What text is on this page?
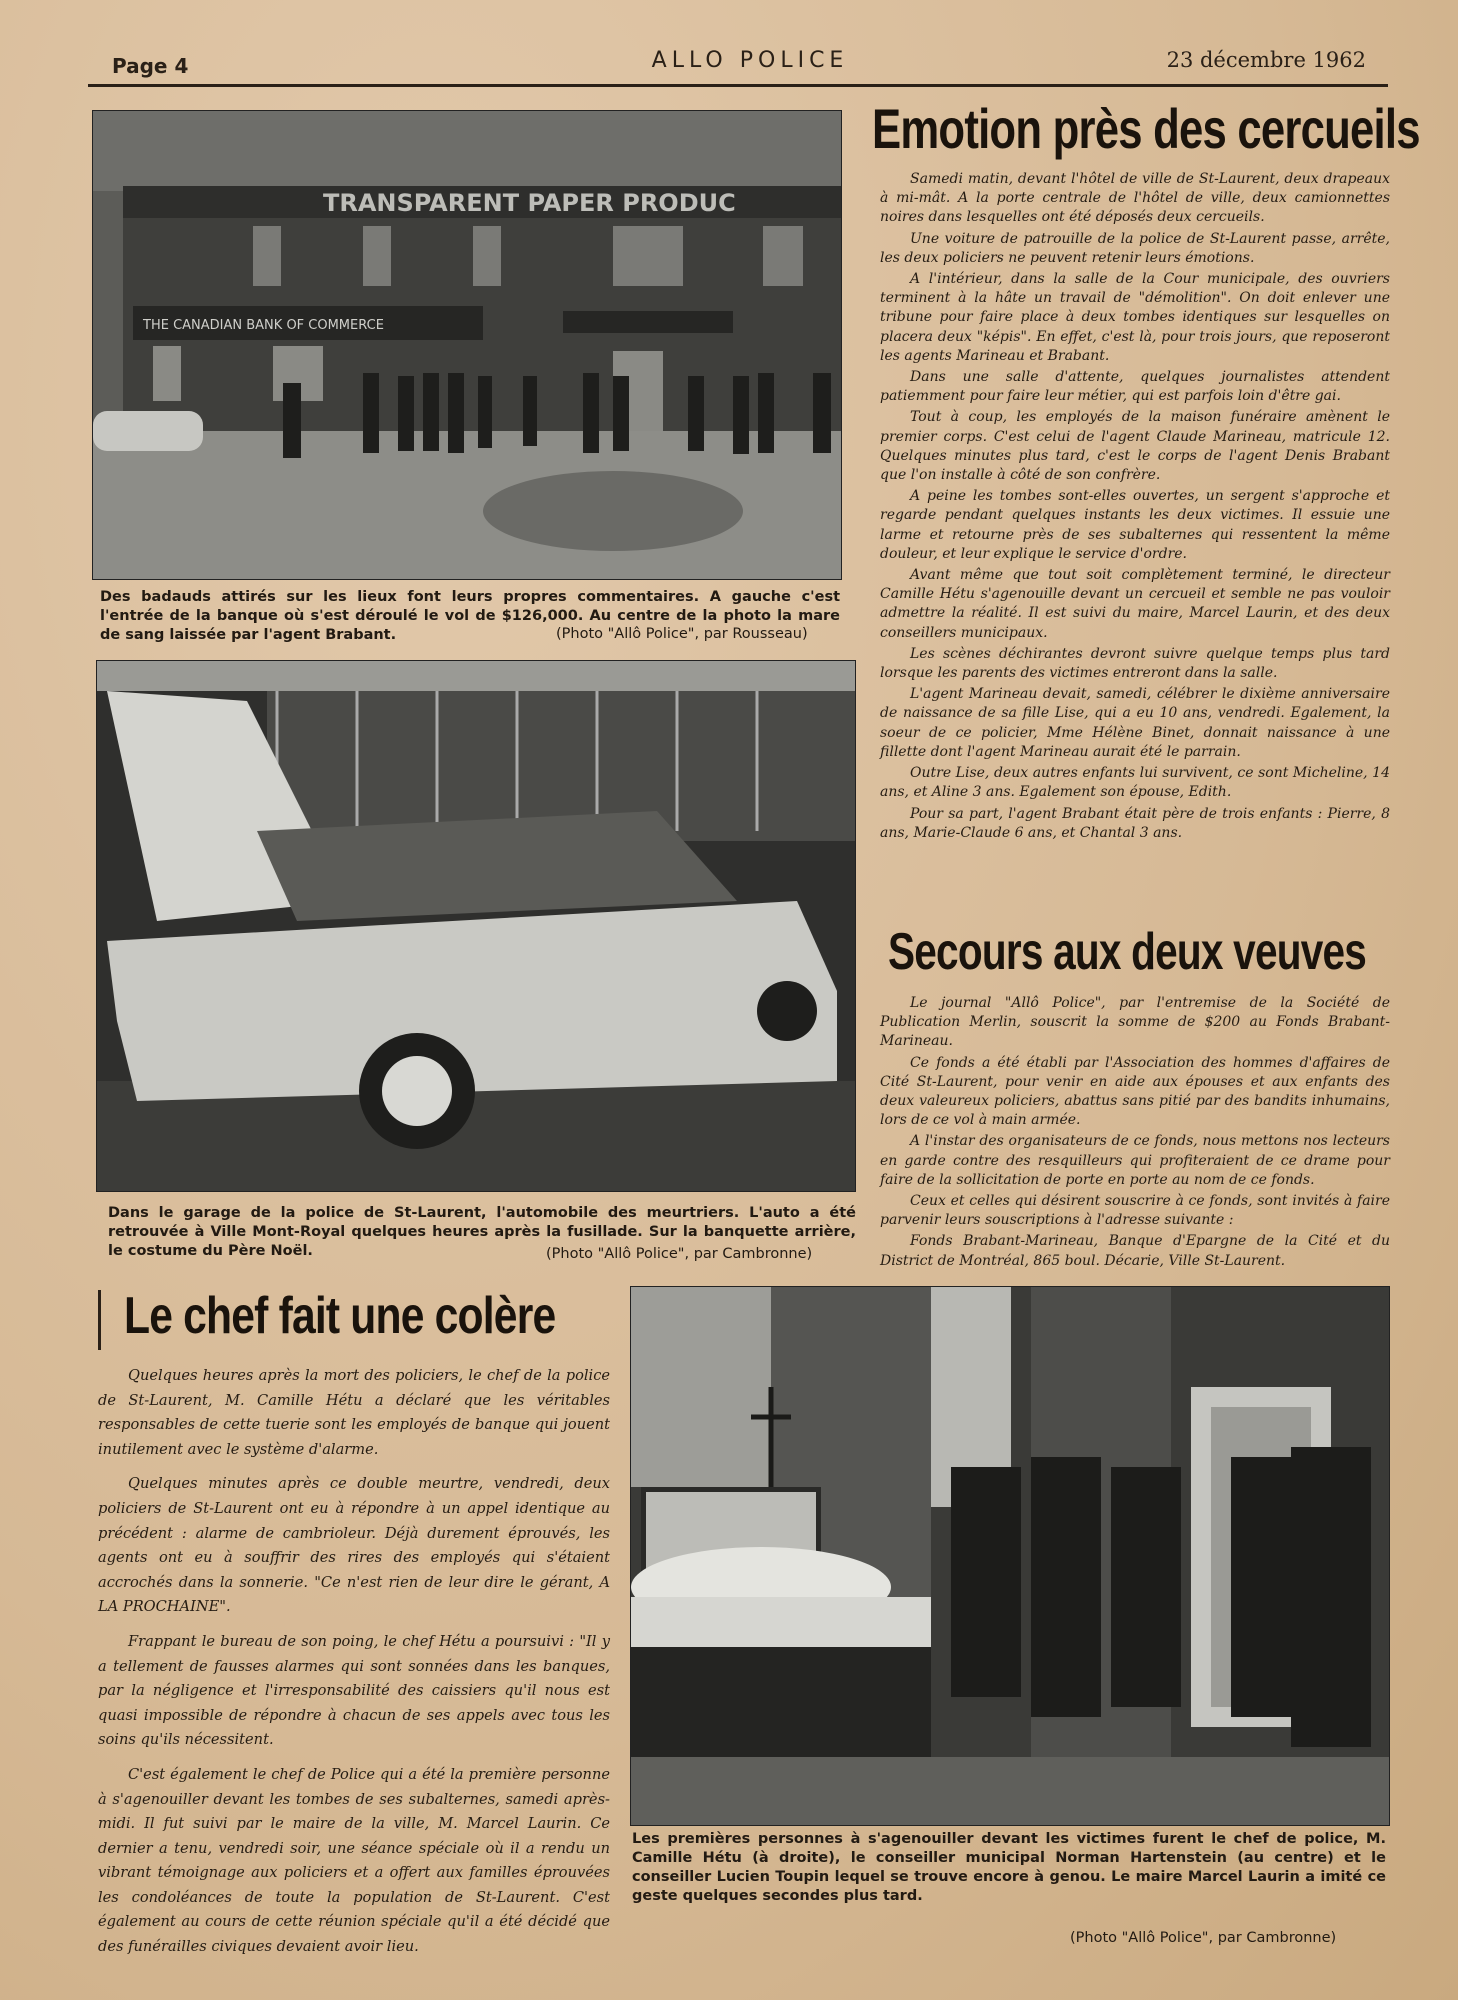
Page 4	ALLO POLICE	23 décembre 1962
TRANSPARENT PAPER PRODUC
THE CANADIAN BANK OF COMMERCE
Des badauds attirés sur les lieux font leurs propres commentaires. A gauche c'est l'entrée de la banque où s'est déroulé le vol de $126,000. Au centre de la photo la mare de sang laissée par l'agent Brabant.	(Photo "Allô Police", par Rousseau)
Dans le garage de la police de St-Laurent, l'automobile des meurtriers. L'auto a été retrouvée à Ville Mont-Royal quelques heures après la fusillade. Sur la banquette arrière, le costume du Père Noël.	(Photo "Allô Police", par Cambronne)
Emotion près des cercueils

Samedi matin, devant l'hôtel de ville de St-Laurent, deux drapeaux à mi-mât. A la porte centrale de l'hôtel de ville, deux camionnettes noires dans lesquelles ont été déposés deux cercueils.

Une voiture de patrouille de la police de St-Laurent passe, arrête, les deux policiers ne peuvent retenir leurs émotions.

A l'intérieur, dans la salle de la Cour municipale, des ouvriers terminent à la hâte un travail de "démolition". On doit enlever une tribune pour faire place à deux tombes identiques sur lesquelles on placera deux "képis". En effet, c'est là, pour trois jours, que reposeront les agents Marineau et Brabant.

Dans une salle d'attente, quelques journalistes attendent patiemment pour faire leur métier, qui est parfois loin d'être gai.

Tout à coup, les employés de la maison funéraire amènent le premier corps. C'est celui de l'agent Claude Marineau, matricule 12. Quelques minutes plus tard, c'est le corps de l'agent Denis Brabant que l'on installe à côté de son confrère.

A peine les tombes sont-elles ouvertes, un sergent s'approche et regarde pendant quelques instants les deux victimes. Il essuie une larme et retourne près de ses subalternes qui ressentent la même douleur, et leur explique le service d'ordre.

Avant même que tout soit complètement terminé, le directeur Camille Hétu s'agenouille devant un cercueil et semble ne pas vouloir admettre la réalité. Il est suivi du maire, Marcel Laurin, et des deux conseillers municipaux.

Les scènes déchirantes devront suivre quelque temps plus tard lorsque les parents des victimes entreront dans la salle.

L'agent Marineau devait, samedi, célébrer le dixième anniversaire de naissance de sa fille Lise, qui a eu 10 ans, vendredi. Egalement, la soeur de ce policier, Mme Hélène Binet, donnait naissance à une fillette dont l'agent Marineau aurait été le parrain.

Outre Lise, deux autres enfants lui survivent, ce sont Micheline, 14 ans, et Aline 3 ans. Egalement son épouse, Edith.

Pour sa part, l'agent Brabant était père de trois enfants : Pierre, 8 ans, Marie-Claude 6 ans, et Chantal 3 ans.

Secours aux deux veuves

Le journal "Allô Police", par l'entremise de la Société de Publication Merlin, souscrit la somme de $200 au Fonds Brabant-Marineau.

Ce fonds a été établi par l'Association des hommes d'affaires de Cité St-Laurent, pour venir en aide aux épouses et aux enfants des deux valeureux policiers, abattus sans pitié par des bandits inhumains, lors de ce vol à main armée.

A l'instar des organisateurs de ce fonds, nous mettons nos lecteurs en garde contre des resquilleurs qui profiteraient de ce drame pour faire de la sollicitation de porte en porte au nom de ce fonds.

Ceux et celles qui désirent souscrire à ce fonds, sont invités à faire parvenir leurs souscriptions à l'adresse suivante :

Fonds Brabant-Marineau, Banque d'Epargne de la Cité et du District de Montréal, 865 boul. Décarie, Ville St-Laurent.

Le chef fait une colère

Quelques heures après la mort des policiers, le chef de la police de St-Laurent, M. Camille Hétu a déclaré que les véritables responsables de cette tuerie sont les employés de banque qui jouent inutilement avec le système d'alarme.

Quelques minutes après ce double meurtre, vendredi, deux policiers de St-Laurent ont eu à répondre à un appel identique au précédent : alarme de cambrioleur. Déjà durement éprouvés, les agents ont eu à souffrir des rires des employés qui s'étaient accrochés dans la sonnerie. "Ce n'est rien de leur dire le gérant, A LA PROCHAINE".

Frappant le bureau de son poing, le chef Hétu a poursuivi : "Il y a tellement de fausses alarmes qui sont sonnées dans les banques, par la négligence et l'irresponsabilité des caissiers qu'il nous est quasi impossible de répondre à chacun de ses appels avec tous les soins qu'ils nécessitent.

C'est également le chef de Police qui a été la première personne à s'agenouiller devant les tombes de ses subalternes, samedi après-midi. Il fut suivi par le maire de la ville, M. Marcel Laurin. Ce dernier a tenu, vendredi soir, une séance spéciale où il a rendu un vibrant témoignage aux policiers et a offert aux familles éprouvées les condoléances de toute la population de St-Laurent. C'est également au cours de cette réunion spéciale qu'il a été décidé que des funérailles civiques devaient avoir lieu.

Les premières personnes à s'agenouiller devant les victimes furent le chef de police, M. Camille Hétu (à droite), le conseiller municipal Norman Hartenstein (au centre) et le conseiller Lucien Toupin lequel se trouve encore à genou. Le maire Marcel Laurin a imité ce geste quelques secondes plus tard.
(Photo "Allô Police", par Cambronne)
